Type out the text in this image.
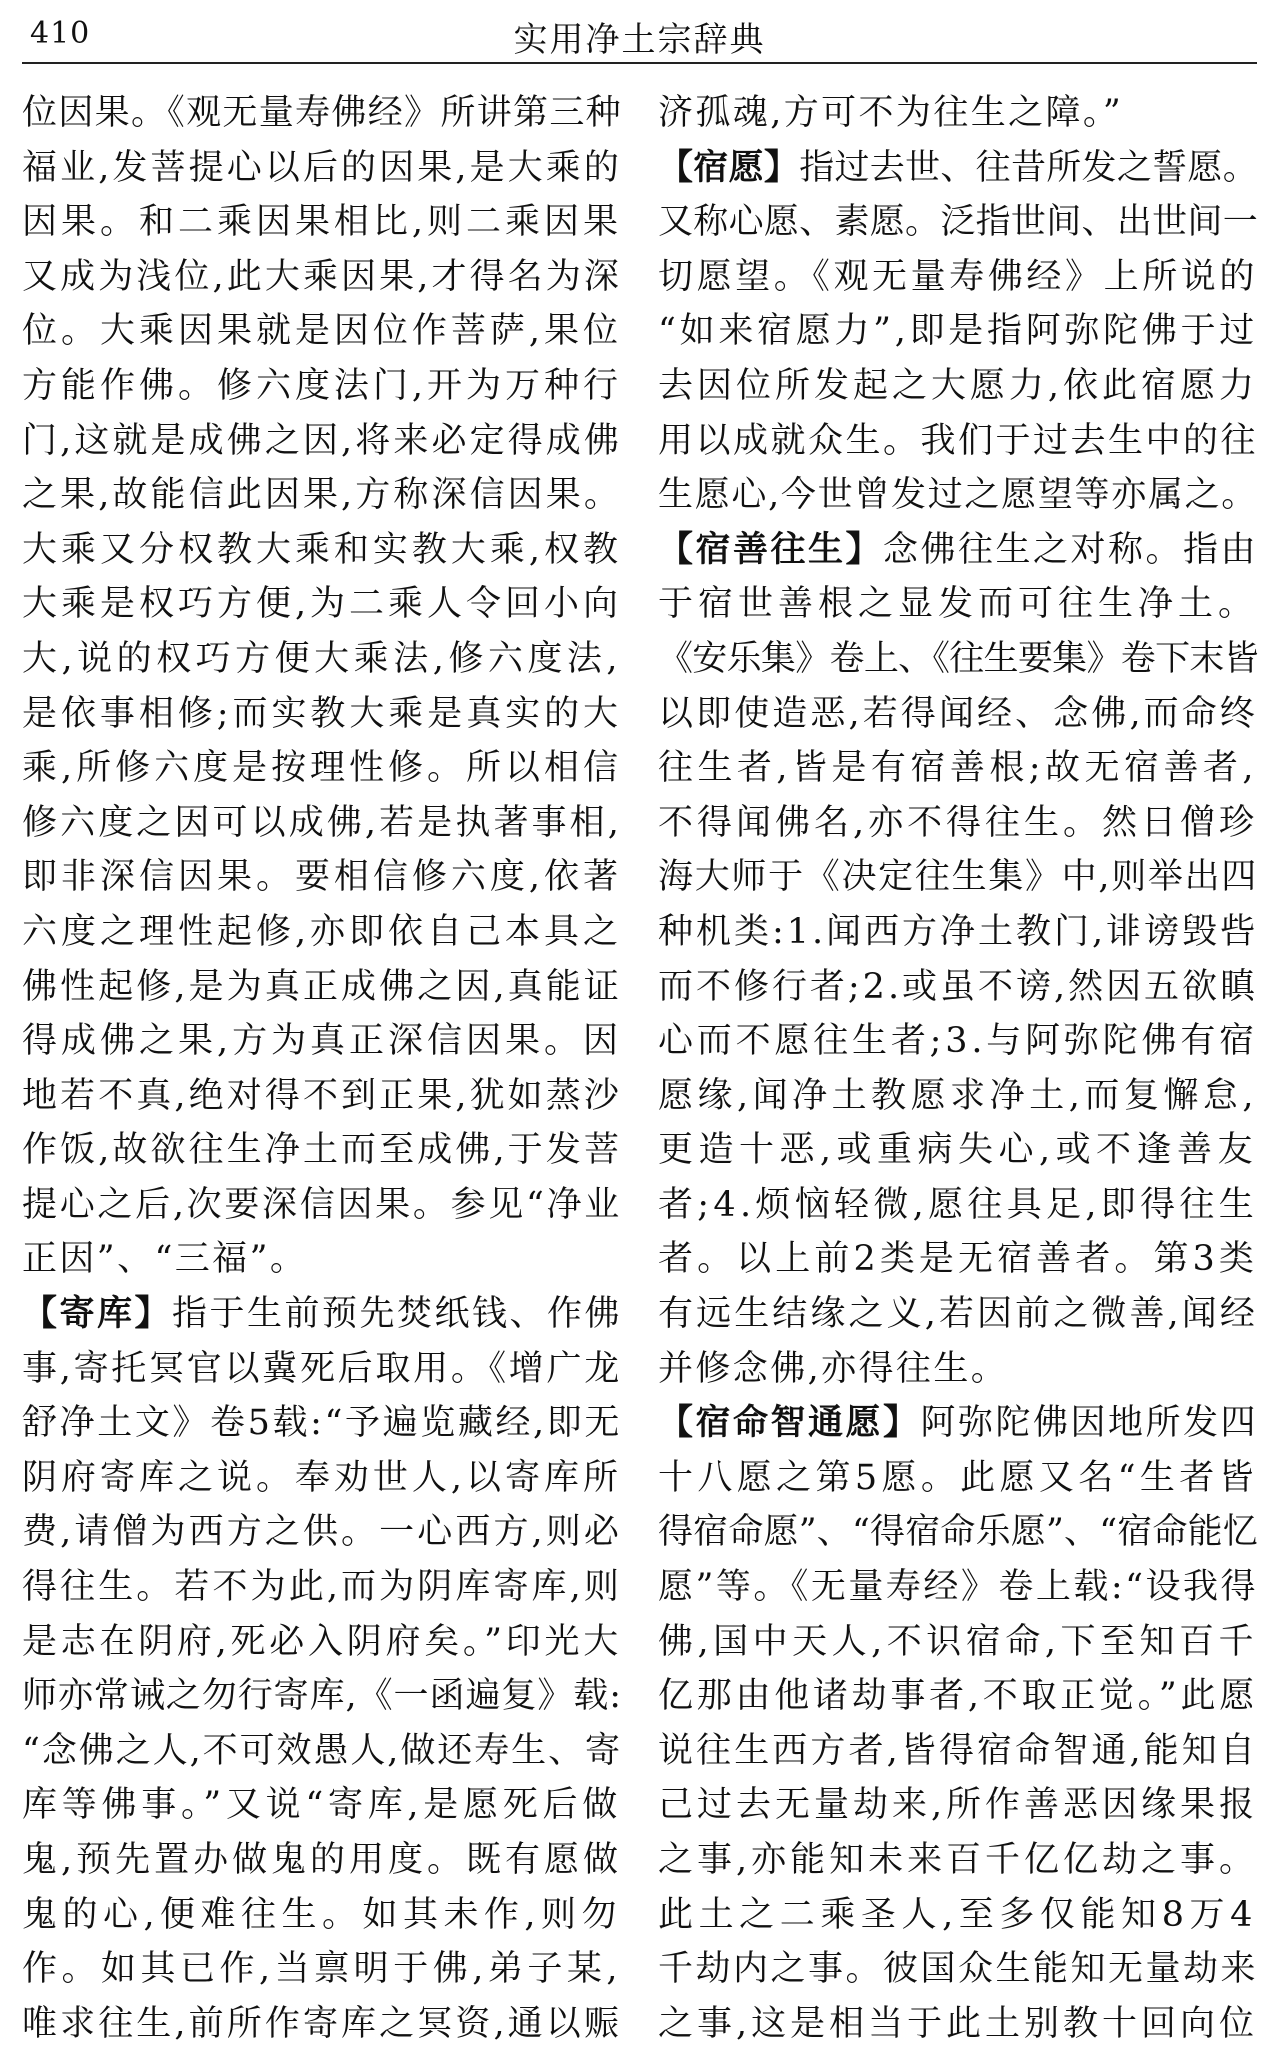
410	实用净土宗辞典
位因果。《观无量寿佛经》所讲第三种
福业,发菩提心以后的因果,是大乘的
因果。和二乘因果相比,则二乘因果
又成为浅位,此大乘因果,才得名为深
位。大乘因果就是因位作菩萨,果位
方能作佛。修六度法门,开为万种行
门,这就是成佛之因,将来必定得成佛
之果,故能信此因果,方称深信因果。
大乘又分权教大乘和实教大乘,权教
大乘是权巧方便,为二乘人令回小向
大,说的权巧方便大乘法,修六度法,
是依事相修;而实教大乘是真实的大
乘,所修六度是按理性修。所以相信
修六度之因可以成佛,若是执著事相,
即非深信因果。要相信修六度,依著
六度之理性起修,亦即依自己本具之
佛性起修,是为真正成佛之因,真能证
得成佛之果,方为真正深信因果。因
地若不真,绝对得不到正果,犹如蒸沙
作饭,故欲往生净土而至成佛,于发菩
提心之后,次要深信因果。参见“净业
正因”、“三福”。
【寄库】指于生前预先焚纸钱、作佛
事,寄托冥官以冀死后取用。《增广龙
舒净土文》卷5载:“予遍览藏经,即无
阴府寄库之说。奉劝世人,以寄库所
费,请僧为西方之供。一心西方,则必
得往生。若不为此,而为阴库寄库,则
是志在阴府,死必入阴府矣。”印光大
师亦常诫之勿行寄库,《一函遍复》载:
“念佛之人,不可效愚人,做还寿生、寄
库等佛事。”又说“寄库,是愿死后做
鬼,预先置办做鬼的用度。既有愿做
鬼的心,便难往生。如其未作,则勿
作。如其已作,当禀明于佛,弟子某,
唯求往生,前所作寄库之冥资,通以赈
济孤魂,方可不为往生之障。”
【宿愿】指过去世、往昔所发之誓愿。
又称心愿、素愿。泛指世间、出世间一
切愿望。《观无量寿佛经》上所说的
“如来宿愿力”,即是指阿弥陀佛于过
去因位所发起之大愿力,依此宿愿力
用以成就众生。我们于过去生中的往
生愿心,今世曾发过之愿望等亦属之。
【宿善往生】念佛往生之对称。指由
于宿世善根之显发而可往生净土。
《安乐集》卷上、《往生要集》卷下末皆
以即使造恶,若得闻经、念佛,而命终
往生者,皆是有宿善根;故无宿善者,
不得闻佛名,亦不得往生。然日僧珍
海大师于《决定往生集》中,则举出四
种机类:1.闻西方净土教门,诽谤毁呰
而不修行者;2.或虽不谤,然因五欲瞋
心而不愿往生者;3.与阿弥陀佛有宿
愿缘,闻净土教愿求净土,而复懈怠,
更造十恶,或重病失心,或不逢善友
者;4.烦恼轻微,愿往具足,即得往生
者。以上前2类是无宿善者。第3类
有远生结缘之义,若因前之微善,闻经
并修念佛,亦得往生。
【宿命智通愿】阿弥陀佛因地所发四
十八愿之第5愿。此愿又名“生者皆
得宿命愿”、“得宿命乐愿”、“宿命能忆
愿”等。《无量寿经》卷上载:“设我得
佛,国中天人,不识宿命,下至知百千
亿那由他诸劫事者,不取正觉。”此愿
说往生西方者,皆得宿命智通,能知自
己过去无量劫来,所作善恶因缘果报
之事,亦能知未来百千亿亿劫之事。
此土之二乘圣人,至多仅能知8万4
千劫内之事。彼国众生能知无量劫来
之事,这是相当于此土别教十回向位
